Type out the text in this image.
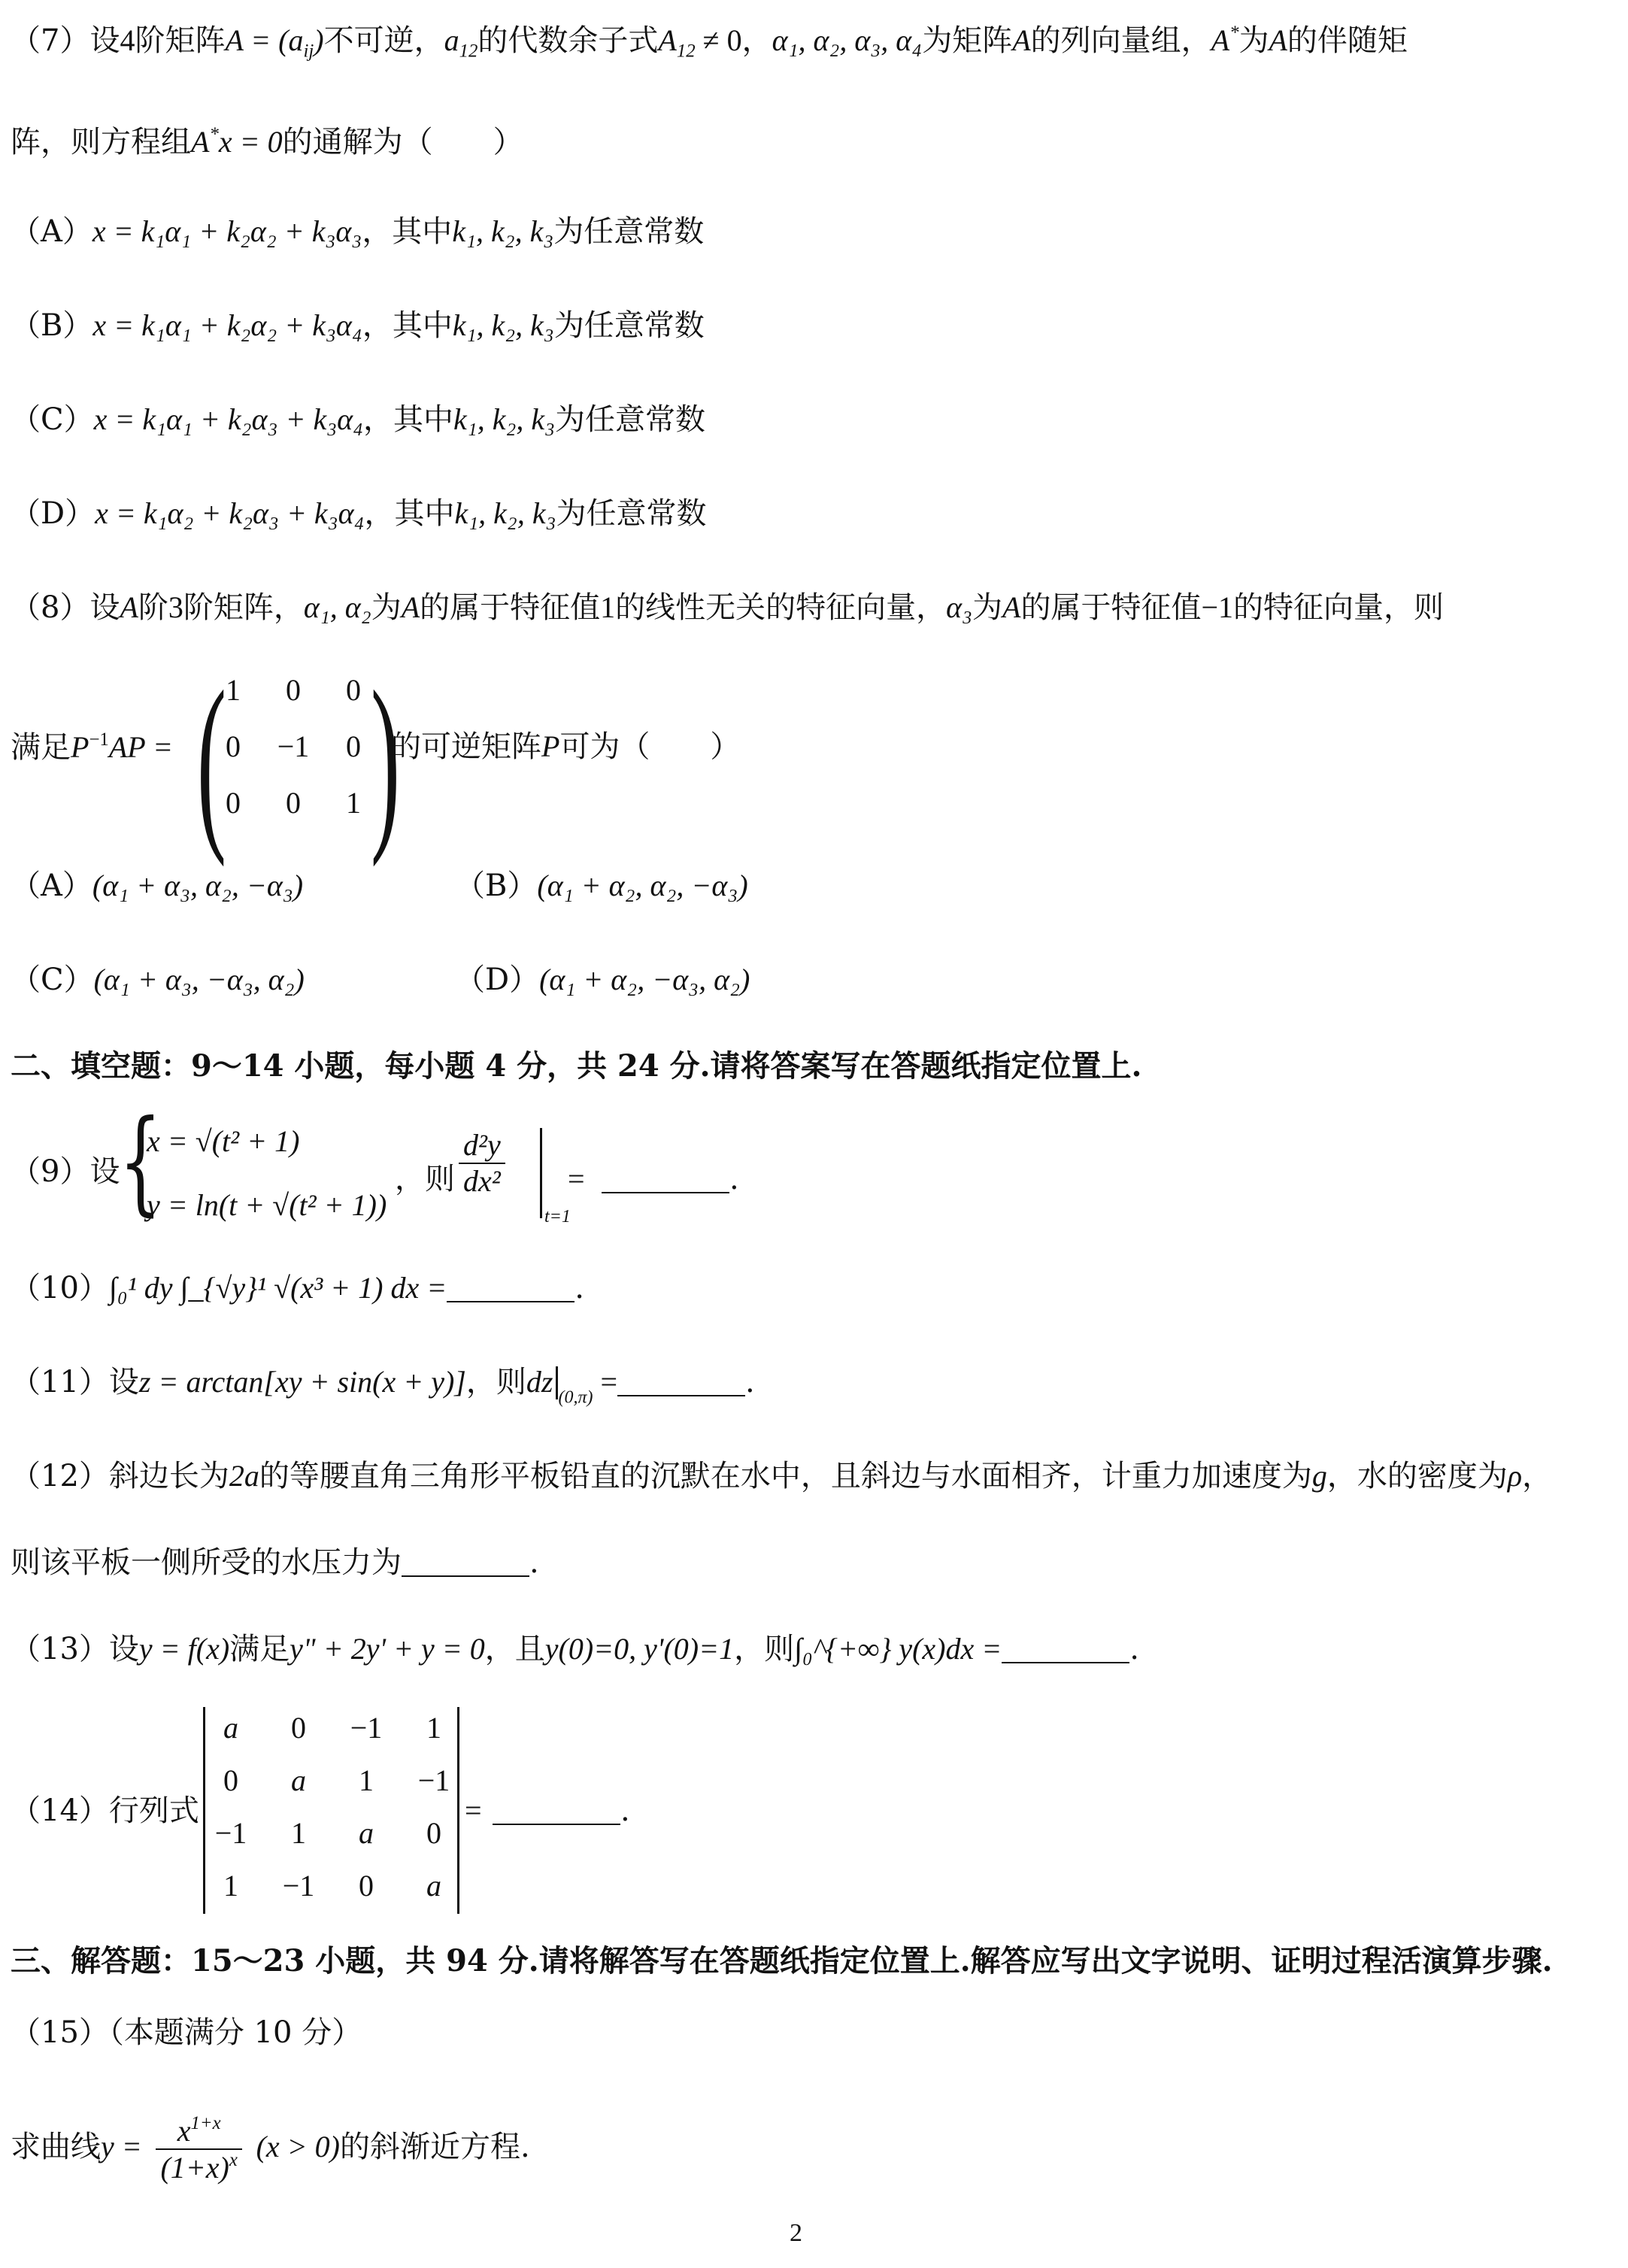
（7）设4阶矩阵$A = (a_{ij})$不可逆，$a_{12}$的代数余子式$A_{12} \ne 0$，α₁, α₂, α₃, α₄为矩阵A的列向量组，A*为A的伴随矩
阵，则方程组A*x = 0的通解为（　　）
（A）x = k₁α₁ + k₂α₂ + k₃α₃，其中k₁, k₂, k₃为任意常数
（B）x = k₁α₁ + k₂α₂ + k₃α₄，其中k₁, k₂, k₃为任意常数
（C）x = k₁α₁ + k₂α₃ + k₃α₄，其中k₁, k₂, k₃为任意常数
（D）x = k₁α₂ + k₂α₃ + k₃α₄，其中k₁, k₂, k₃为任意常数
（8）设A阶3阶矩阵，α₁, α₂为A的属于特征值1的线性无关的特征向量，α₃为A的属于特征值−1的特征向量，则
满足$P^{-1}AP$ = ( 1	0	0
0	−1	0
0	0	1 )
的可逆矩阵P可为（　　）
（A）(α₁ + α₃, α₂, −α₃)	（B）(α₁ + α₂, α₂, −α₃)
（C）(α₁ + α₃, −α₃, α₂)	（D）(α₁ + α₂, −α₃, α₂)
二、填空题：9～14 小题，每小题 4 分，共 24 分.请将答案写在答题纸指定位置上.
（9）设
{
x = √(t² + 1)
y = ln(t + √(t² + 1))
，则 $\frac{\text{d²y}}{\text{dx²}}$
t=1
=	.
（10）∫₀¹ dy ∫_{√y}¹ √(x³ + 1) dx =	.
（11）设z = arctan[xy + sin(x + y)]，则dz $_{(0,\pi)}$ =	.
（12）斜边长为2a的等腰直角三角形平板铅直的沉默在水中，且斜边与水面相齐，计重力加速度为g，水的密度为ρ，
则该平板一侧所受的水压力为	.
（13）设y = f(x)满足y" + 2y' + y = 0，且y(0)=0, y'(0)=1，则∫₀^{+∞} y(x)dx =	.
（14）行列式
a	0	−1	1
0	a	1	−1
−1	1	a	0
1	−1	0	a
=	.
三、解答题：15～23 小题，共 94 分.请将解答写在答题纸指定位置上.解答应写出文字说明、证明过程活演算步骤.
（15）（本题满分 10 分）
求曲线$y = \frac{x^{1+x}}{(1+x)^x} (x > 0)$的斜渐近方程.
2
